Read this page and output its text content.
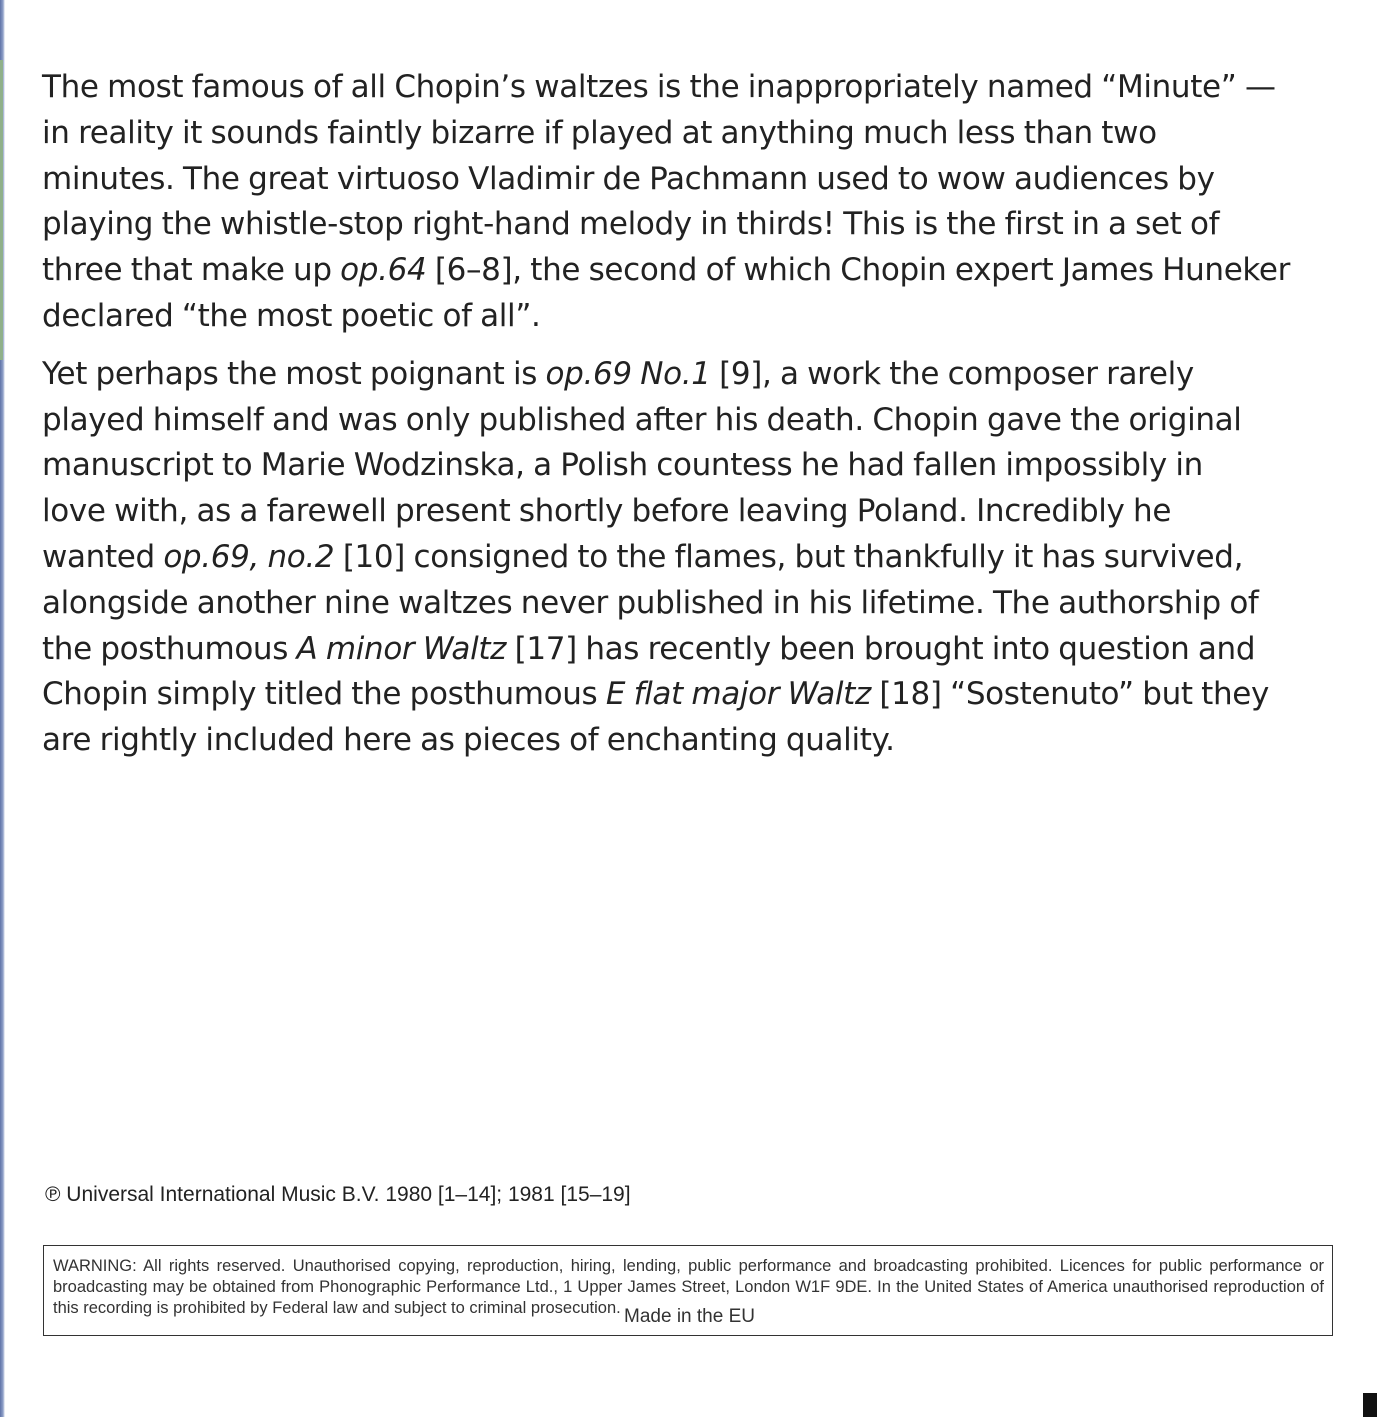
The most famous of all Chopin’s waltzes is the inappropriately named “Minute” —
in reality it sounds faintly bizarre if played at anything much less than two
minutes. The great virtuoso Vladimir de Pachmann used to wow audiences by
playing the whistle-stop right-hand melody in thirds! This is the first in a set of
three that make up op.64 [6–8], the second of which Chopin expert James Huneker
declared “the most poetic of all”.

Yet perhaps the most poignant is op.69 No.1 [9], a work the composer rarely
played himself and was only published after his death. Chopin gave the original
manuscript to Marie Wodzinska, a Polish countess he had fallen impossibly in
love with, as a farewell present shortly before leaving Poland. Incredibly he
wanted op.69, no.2 [10] consigned to the flames, but thankfully it has survived,
alongside another nine waltzes never published in his lifetime. The authorship of
the posthumous A minor Waltz [17] has recently been brought into question and
Chopin simply titled the posthumous E flat major Waltz [18] “Sostenuto” but they
are rightly included here as pieces of enchanting quality.

℗ Universal International Music B.V. 1980 [1–14]; 1981 [15–19]
WARNING: All rights reserved. Unauthorised copying, reproduction, hiring, lending, public performance and broadcasting prohibited. Licences for public performance or broadcasting may be obtained from Phonographic Performance Ltd., 1 Upper James Street, London W1F 9DE. In the United States of America unauthorised reproduction of this recording is prohibited by Federal law and subject to criminal prosecution. Made in the EU
